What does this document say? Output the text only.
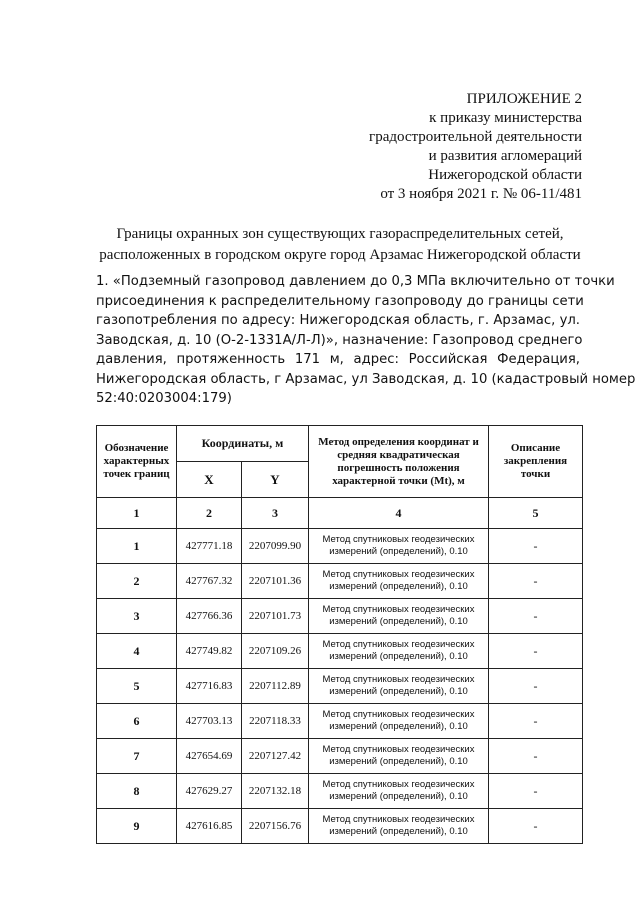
ПРИЛОЖЕНИЕ 2
к приказу министерства
градостроительной деятельности
и развития агломераций
Нижегородской области
от 3 ноября 2021 г. № 06-11/481
Границы охранных зон существующих газораспределительных сетей,
расположенных в городском округе город Арзамас Нижегородской области
1. «Подземный газопровод давлением до 0,3 МПа включительно от точки
присоединения к распределительному газопроводу до границы сети
газопотребления по адресу: Нижегородская область, г. Арзамас, ул.
Заводская, д. 10 (О-2-1331А/Л-Л)», назначение: Газопровод среднего
давления, протяженность 171 м, адрес: Российская Федерация,
Нижегородская область, г Арзамас, ул Заводская, д. 10 (кадастровый номер
52:40:0203004:179)
Обозначение характерных точек границ	Координаты, м		Метод определения координат и средняя квадратическая погрешность положения характерной точки (Mt), м	Описание закрепления точки
	X	Y		
1	2	3	4	5
1	427771.18	2207099.90	Метод спутниковых геодезических измерений (определений), 0.10	-
2	427767.32	2207101.36	Метод спутниковых геодезических измерений (определений), 0.10	-
3	427766.36	2207101.73	Метод спутниковых геодезических измерений (определений), 0.10	-
4	427749.82	2207109.26	Метод спутниковых геодезических измерений (определений), 0.10	-
5	427716.83	2207112.89	Метод спутниковых геодезических измерений (определений), 0.10	-
6	427703.13	2207118.33	Метод спутниковых геодезических измерений (определений), 0.10	-
7	427654.69	2207127.42	Метод спутниковых геодезических измерений (определений), 0.10	-
8	427629.27	2207132.18	Метод спутниковых геодезических измерений (определений), 0.10	-
9	427616.85	2207156.76	Метод спутниковых геодезических измерений (определений), 0.10	-
